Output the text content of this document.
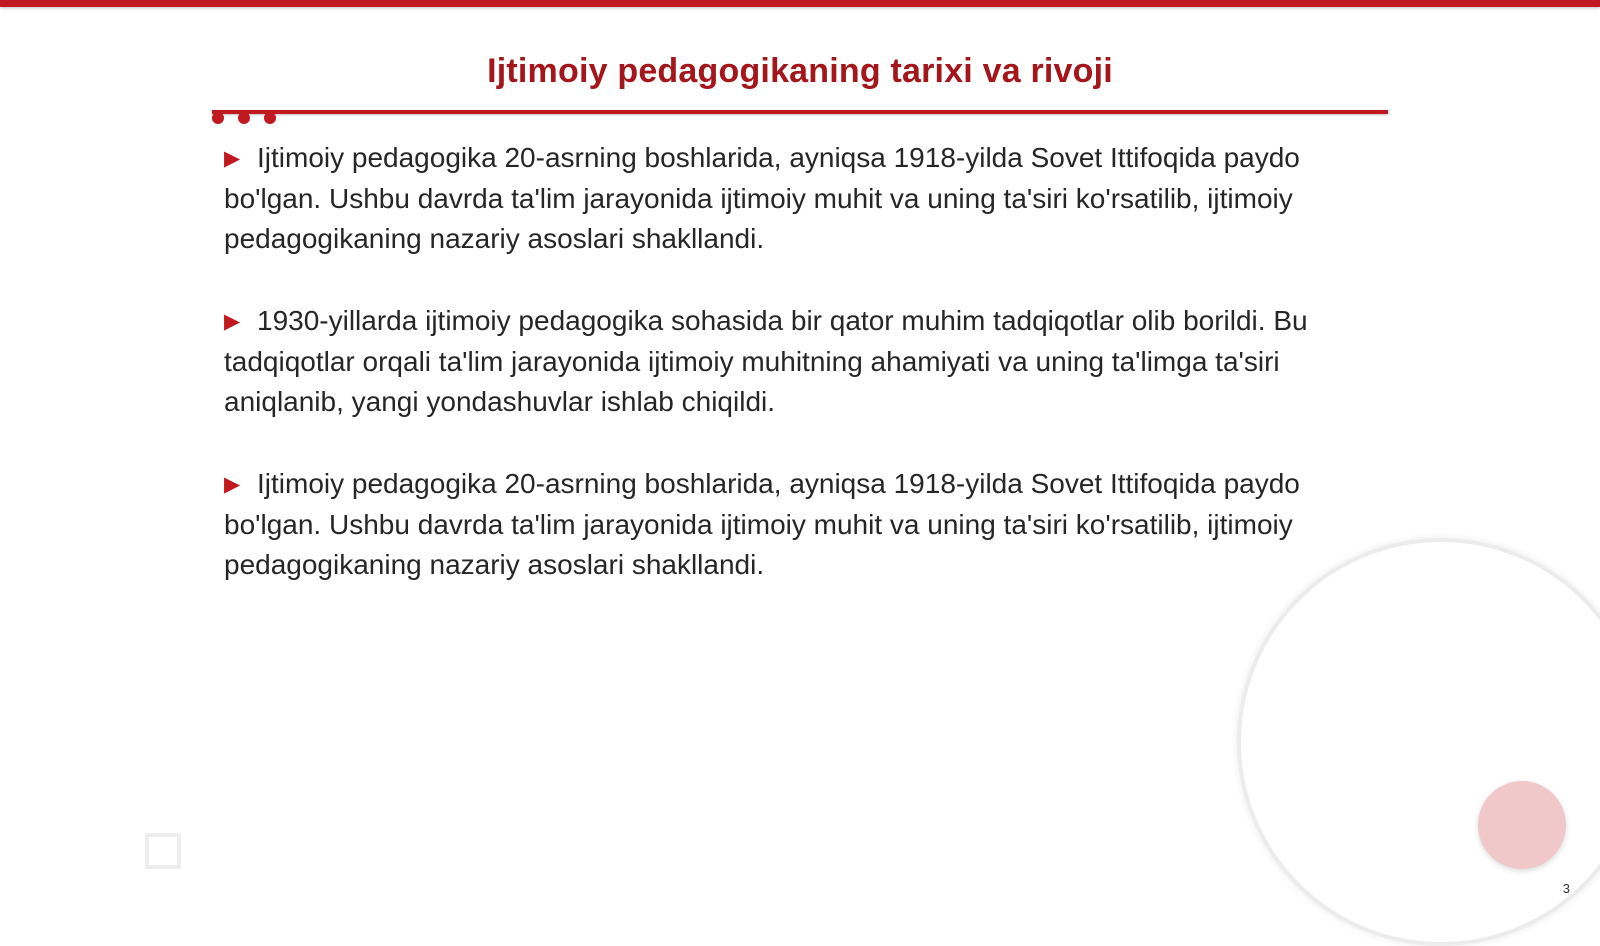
Ijtimoiy pedagogikaning tarixi va rivoji
▶ Ijtimoiy pedagogika 20-asrning boshlarida, ayniqsa 1918-yilda Sovet Ittifoqida paydo bo'lgan. Ushbu davrda ta'lim jarayonida ijtimoiy muhit va uning ta'siri ko'rsatilib, ijtimoiy pedagogikaning nazariy asoslari shakllandi.
▶ 1930-yillarda ijtimoiy pedagogika sohasida bir qator muhim tadqiqotlar olib borildi. Bu tadqiqotlar orqali ta'lim jarayonida ijtimoiy muhitning ahamiyati va uning ta'limga ta'siri aniqlanib, yangi yondashuvlar ishlab chiqildi.
▶ Ijtimoiy pedagogika 20-asrning boshlarida, ayniqsa 1918-yilda Sovet Ittifoqida paydo bo'lgan. Ushbu davrda ta'lim jarayonida ijtimoiy muhit va uning ta'siri ko'rsatilib, ijtimoiy pedagogikaning nazariy asoslari shakllandi.
3
